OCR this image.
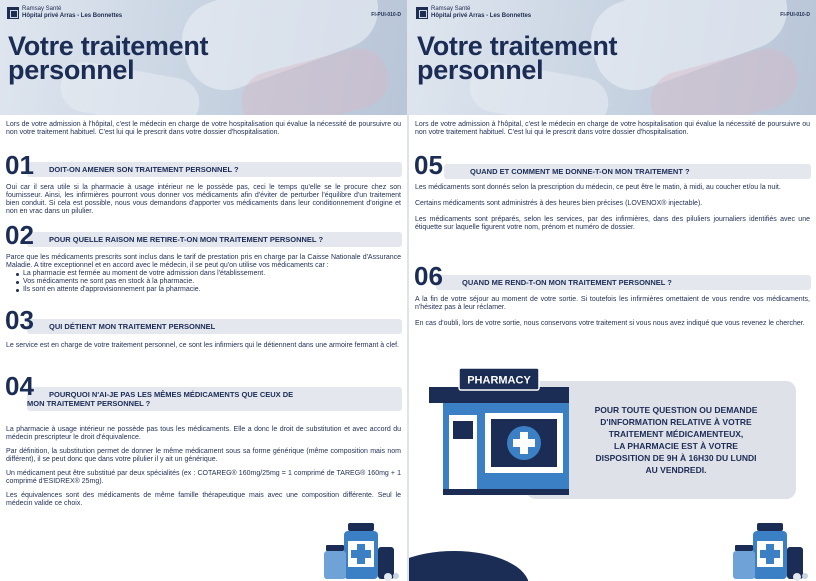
Ramsay Santé
Hôpital privé Arras - Les Bonnettes	FI-PUI-010-D
Votre traitement
personnel
Lors de votre admission à l'hôpital, c'est le médecin en charge de votre hospitalisation qui évalue la nécessité de poursuivre ou non votre traitement habituel. C'est lui qui le prescrit dans votre dossier d'hospitalisation.
01	DOIT-ON AMENER SON TRAITEMENT PERSONNEL ?
Oui car il sera utile si la pharmacie à usage intérieur ne le possède pas, ceci le temps qu'elle se le procure chez son fournisseur. Ainsi, les infirmières pourront vous donner vos médicaments afin d'éviter de perturber l'équilibre d'un traitement bien conduit. Si cela est possible, nous vous demandons d'apporter vos médicaments dans leur conditionnement d'origine et non en vrac dans un pilulier.
02	POUR QUELLE RAISON ME RETIRE-T-ON MON TRAITEMENT PERSONNEL ?
Parce que les médicaments prescrits sont inclus dans le tarif de prestation pris en charge par la Caisse Nationale d'Assurance Maladie. A titre exceptionnel et en accord avec le médecin, il se peut qu'on utilise vos médicaments car :
La pharmacie est fermée au moment de votre admission dans l'établissement.
Vos médicaments ne sont pas en stock à la pharmacie.
Ils sont en attente d'approvisionnement par la pharmacie.
03	QUI DÉTIENT MON TRAITEMENT PERSONNEL
Le service est en charge de votre traitement personnel, ce sont les infirmiers qui le détiennent dans une armoire fermant à clef.
04 POURQUOI N'AI-JE PAS LES MÊMES MÉDICAMENTS QUE CEUX DE
MON TRAITEMENT PERSONNEL ?

La pharmacie à usage intérieur ne possède pas tous les médicaments. Elle a donc le droit de substitution et avec accord du médecin prescripteur le droit d'équivalence.

Par définition, la substitution permet de donner le même médicament sous sa forme générique (même composition mais nom différent), il se peut donc que dans votre pilulier il y ait un générique.

Un médicament peut être substitué par deux spécialités (ex : COTAREG® 160mg/25mg = 1 comprimé de TAREG® 160mg + 1 comprimé d'ESIDREX® 25mg).

Les équivalences sont des médicaments de même famille thérapeutique mais avec une composition différente. Seul le médecin valide ce choix.

Ramsay Santé
Hôpital privé Arras - Les Bonnettes	FI-PUI-010-D
Votre traitement
personnel
Lors de votre admission à l'hôpital, c'est le médecin en charge de votre hospitalisation qui évalue la nécessité de poursuivre ou non votre traitement habituel. C'est lui qui le prescrit dans votre dossier d'hospitalisation.
05	QUAND ET COMMENT ME DONNE-T-ON MON TRAITEMENT ?

Les médicaments sont donnés selon la prescription du médecin, ce peut être le matin, à midi, au coucher et/ou la nuit.

Certains médicaments sont administrés à des heures bien précises (LOVENOX® injectable).

Les médicaments sont préparés, selon les services, par des infirmières, dans des piluliers journaliers identifiés avec une étiquette sur laquelle figurent votre nom, prénom et numéro de dossier.

06	QUAND ME REND-T-ON MON TRAITEMENT PERSONNEL ?

A la fin de votre séjour au moment de votre sortie. Si toutefois les infirmières omettaient de vous rendre vos médicaments, n'hésitez pas à leur réclamer.

En cas d'oubli, lors de votre sortie, nous conservons votre traitement si vous nous avez indiqué que vous revenez le chercher.

POUR TOUTE QUESTION OU DEMANDE
D'INFORMATION RELATIVE À VOTRE
TRAITEMENT MÉDICAMENTEUX,
LA PHARMACIE EST À VOTRE
DISPOSITION DE 9H À 16H30 DU LUNDI
AU VENDREDI.
PHARMACY
